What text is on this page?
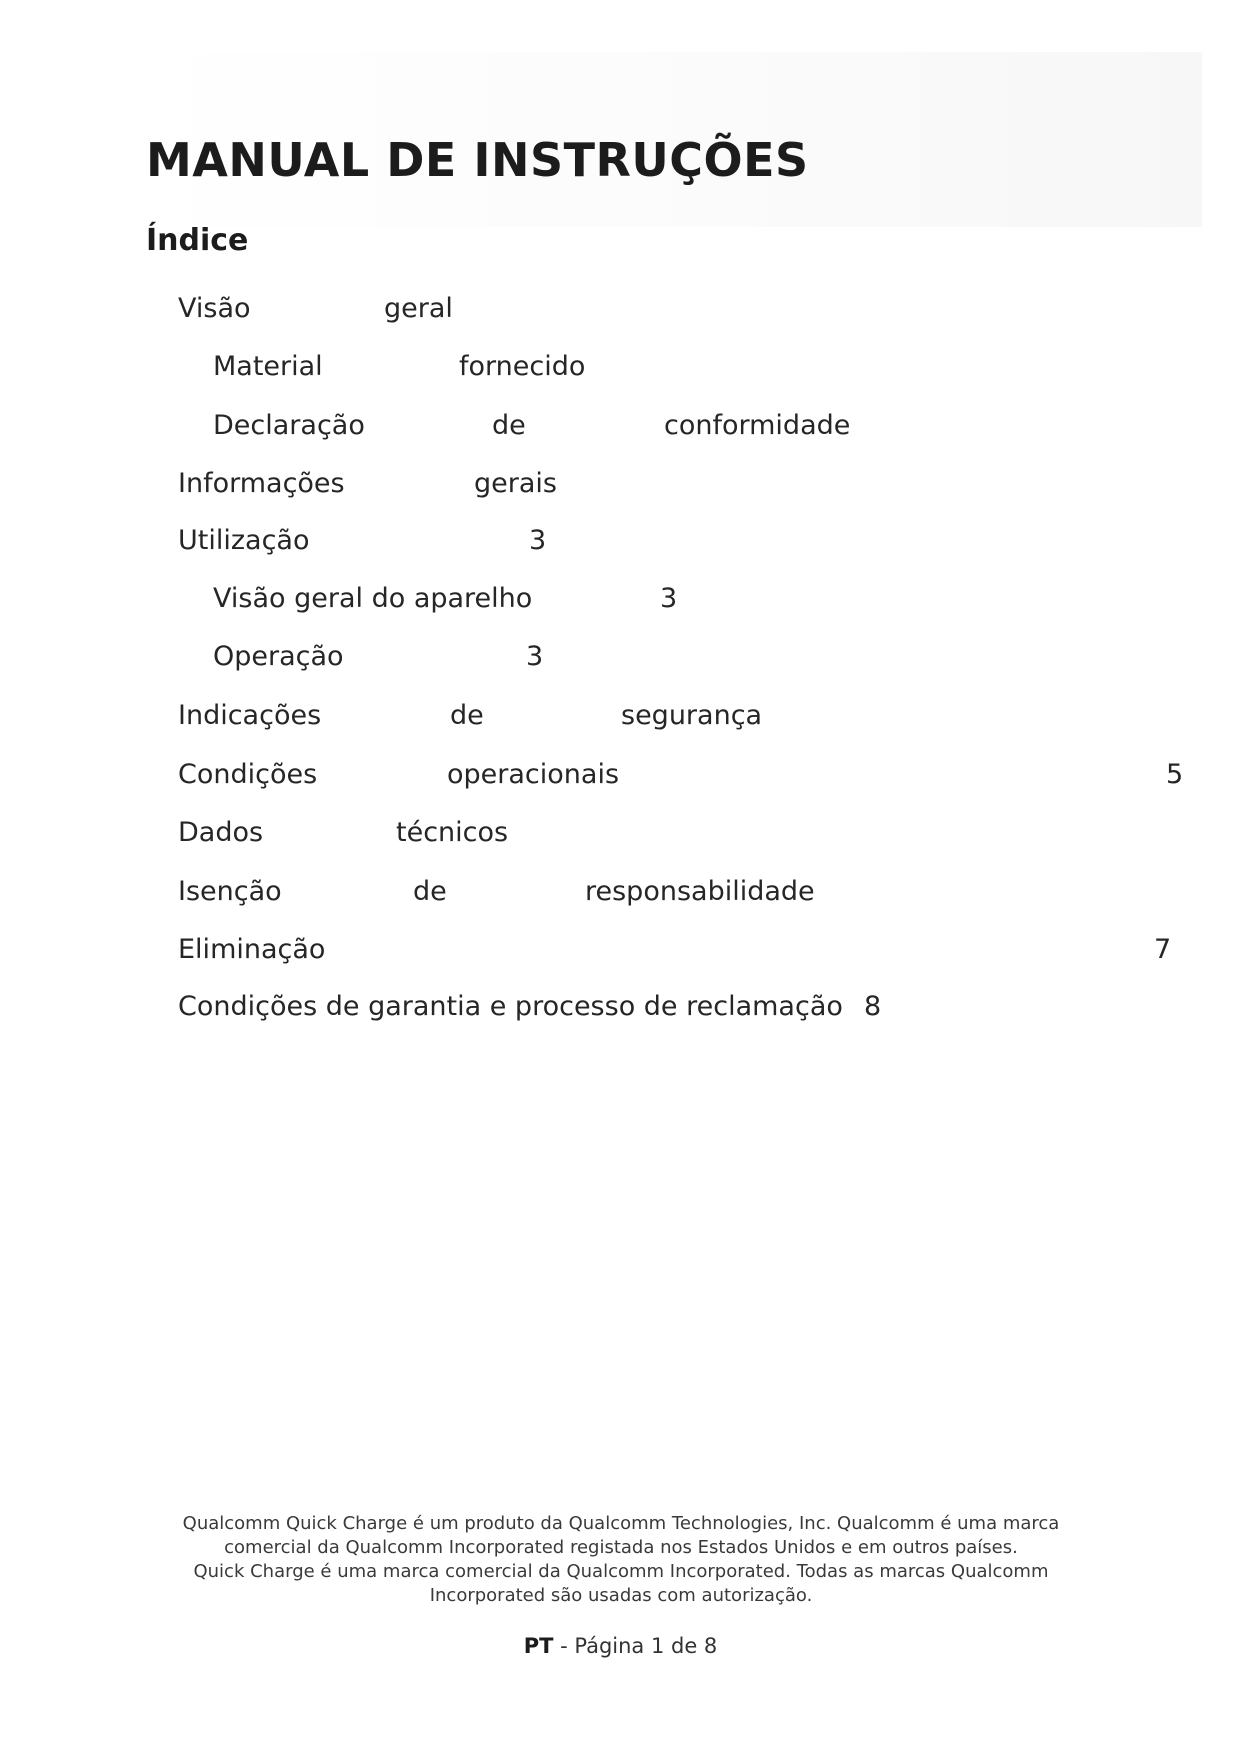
MANUAL DE INSTRUÇÕES
Índice
Visão	geral
Material	fornecido
Declaração	de	conformidade
Informações	gerais
Utilização	3
Visão geral do aparelho	3
Operação	3
Indicações	de	segurança
Condições	operacionais	5
Dados	técnicos
Isenção	de	responsabilidade
Eliminação	7
Condições de garantia e processo de reclamação 8
Qualcomm Quick Charge é um produto da Qualcomm Technologies, Inc. Qualcomm é uma marca
comercial da Qualcomm Incorporated registada nos Estados Unidos e em outros países.
Quick Charge é uma marca comercial da Qualcomm Incorporated. Todas as marcas Qualcomm
Incorporated são usadas com autorização.
PT - Página 1 de 8
